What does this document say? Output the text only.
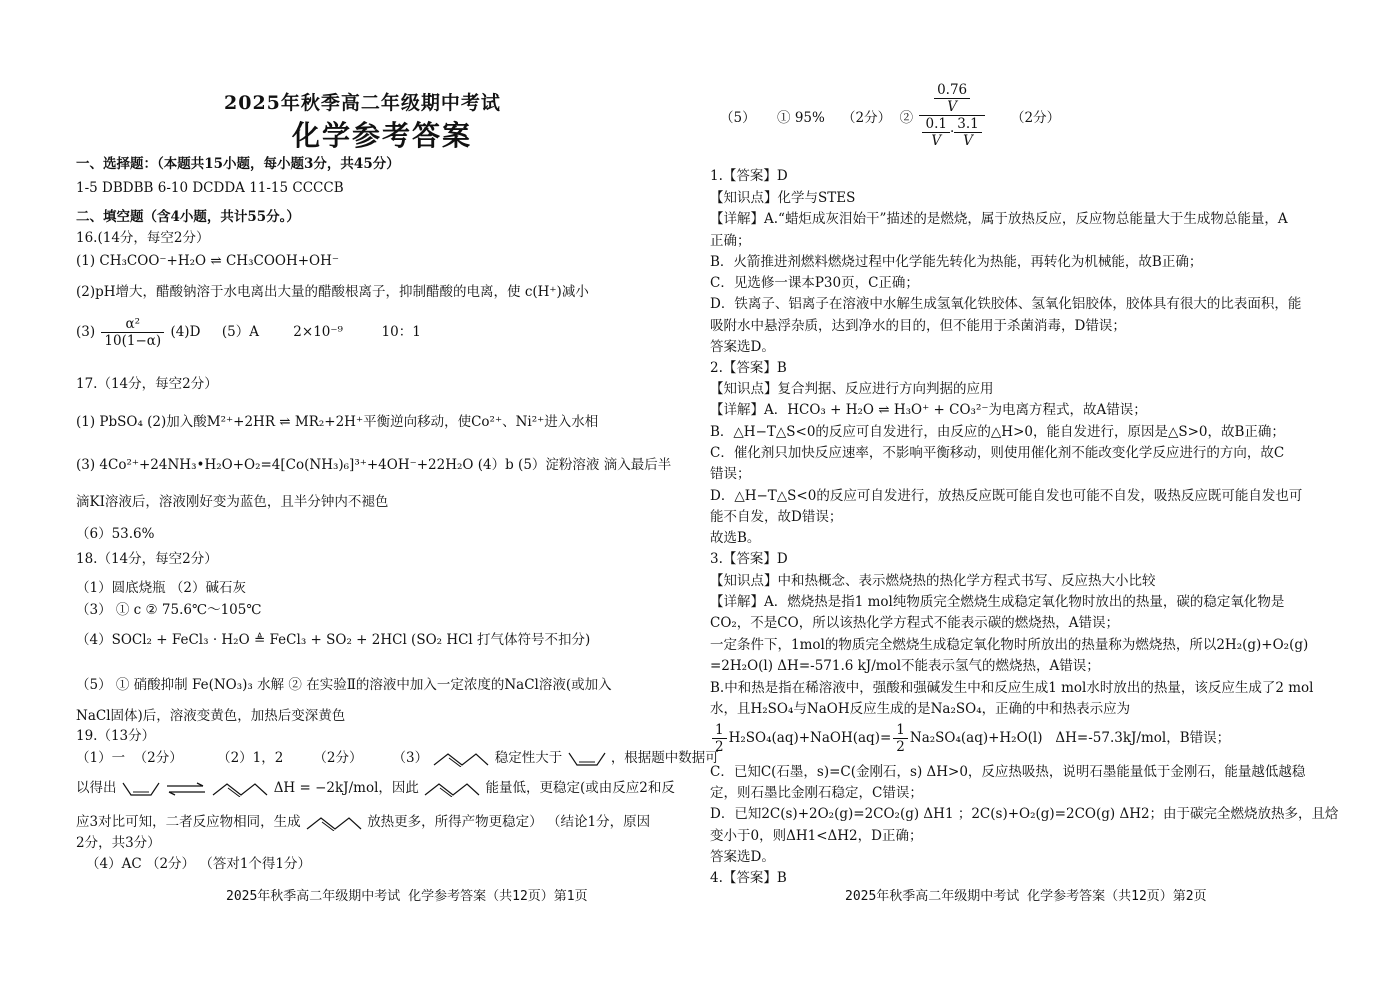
2025年秋季高二年级期中考试
化学参考答案
一、选择题：（本题共15小题，每小题3分，共45分）
1-5 DBDBB 6-10 DCDDA 11-15 CCCCB
二、填空题（含4小题，共计55分。）
16.(14分，每空2分）
(1) CH₃COO⁻+H₂O ⇌ CH₃COOH+OH⁻
(2)pH增大，醋酸钠溶于水电离出大量的醋酸根离子，抑制醋酸的电离，使 c(H⁺)减小
$(3) \frac{\text{α²}}{10(1-\alpha)} (4)D$     (5）A        2×10⁻⁹         10：1
17.（14分，每空2分）
(1) PbSO₄ (2)加入酸M²⁺+2HR ⇌ MR₂+2H⁺平衡逆向移动，使Co²⁺、Ni²⁺进入水相
(3) 4Co²⁺+24NH₃•H₂O+O₂=4[Co(NH₃)₆]³⁺+4OH⁻+22H₂O (4）b (5）淀粉溶液 滴入最后半
滴KI溶液后，溶液刚好变为蓝色，且半分钟内不褪色
（6）53.6%
18.（14分，每空2分）
（1）圆底烧瓶 （2）碱石灰
（3） ① c ② 75.6℃～105℃
（4）SOCl₂ + FeCl₃ · H₂O ≜ FeCl₃ + SO₂ + 2HCl (SO₂ HCl 打气体符号不扣分)
（5） ① 硝酸抑制 Fe(NO₃)₃ 水解 ② 在实验Ⅱ的溶液中加入一定浓度的NaCl溶液(或加入
NaCl固体)后，溶液变黄色，加热后变深黄色
19.（13分）
（1）一  （2分）        （2）1，2       （2分）       （3）	稳定性大于	，根据题中数据可
以得出	ΔH = −2kJ/mol，因此	能量低，更稳定(或由反应2和反
应3对比可知，二者反应物相同，生成	放热更多，所得产物更稳定） （结论1分，原因
2分，共3分）
（4）AC （2分） （答对1个得1分）
2025年秋季高二年级期中考试 化学参考答案（共12页）第1页
（5）     ① 95%    （2分）  ② $\frac{\frac{0.76}{V}}{\frac{0.1}{V} \cdot \frac{3.1}{V}} (2$分）
1.【答案】D
【知识点】化学与STES
【详解】A.“蜡炬成灰泪始干”描述的是燃烧，属于放热反应，反应物总能量大于生成物总能量，A
正确；
B．火箭推进剂燃料燃烧过程中化学能先转化为热能，再转化为机械能，故B正确；
C．见选修一课本P30页，C正确；
D．铁离子、铝离子在溶液中水解生成氢氧化铁胶体、氢氧化铝胶体，胶体具有很大的比表面积，能
吸附水中悬浮杂质，达到净水的目的，但不能用于杀菌消毒，D错误；
答案选D。
2.【答案】B
【知识点】复合判据、反应进行方向判据的应用
【详解】A．HCO₃ + H₂O ⇌ H₃O⁺ + CO₃²⁻为电离方程式，故A错误；
B．△H−T△S<0的反应可自发进行，由反应的△H>0，能自发进行，原因是△S>0，故B正确；
C．催化剂只加快反应速率，不影响平衡移动，则使用催化剂不能改变化学反应进行的方向，故C
错误；
D．△H−T△S<0的反应可自发进行，放热反应既可能自发也可能不自发，吸热反应既可能自发也可
能不自发，故D错误；
故选B。
3.【答案】D
【知识点】中和热概念、表示燃烧热的热化学方程式书写、反应热大小比较
【详解】A．燃烧热是指1 mol纯物质完全燃烧生成稳定氧化物时放出的热量，碳的稳定氧化物是
CO₂，不是CO，所以该热化学方程式不能表示碳的燃烧热，A错误；
一定条件下，1mol的物质完全燃烧生成稳定氧化物时所放出的热量称为燃烧热，所以2H₂(g)+O₂(g)
=2H₂O(l) ΔH=-571.6 kJ/mol不能表示氢气的燃烧热，A错误；
B.中和热是指在稀溶液中，强酸和强碱发生中和反应生成1 mol水时放出的热量，该反应生成了2 mol
水，且H₂SO₄与NaOH反应生成的是Na₂SO₄，正确的中和热表示应为
$\frac{1}{2}$ H₂SO₄(aq)+NaOH(aq)= $\frac{1}{2} Na_2SO_4(aq)+H_2O(l)$   ΔH=-57.3kJ/mol，B错误；
C．已知C(石墨，s)=C(金刚石，s) ΔH>0，反应热吸热，说明石墨能量低于金刚石，能量越低越稳
定，则石墨比金刚石稳定，C错误；
D．已知2C(s)+2O₂(g)=2CO₂(g) ΔH1 ；2C(s)+O₂(g)=2CO(g) ΔH2；由于碳完全燃烧放热多，且焓
变小于0，则ΔH1<ΔH2，D正确；
答案选D。
4.【答案】B
2025年秋季高二年级期中考试 化学参考答案（共12页）第2页
